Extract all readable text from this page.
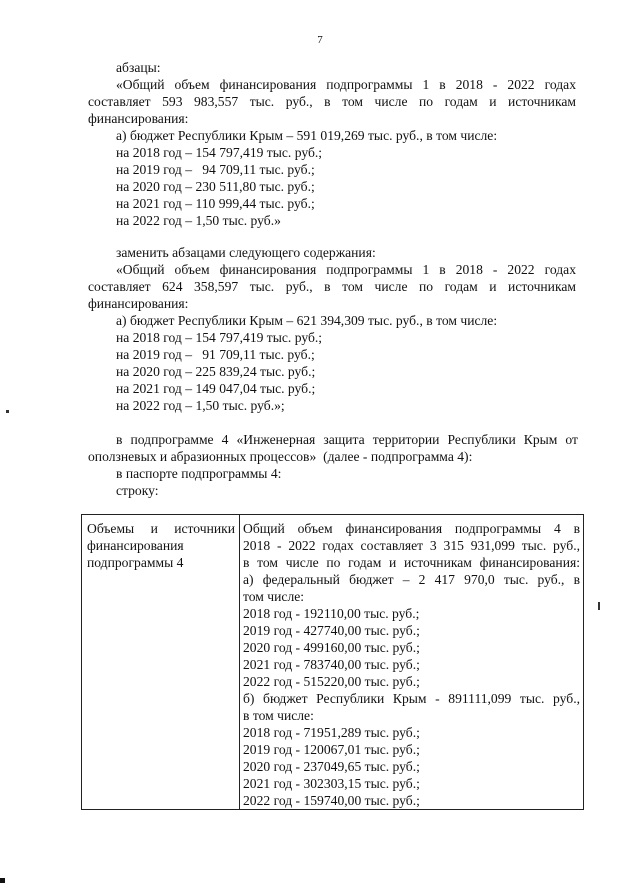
7
абзацы:
«Общий объем финансирования подпрограммы 1 в 2018 - 2022 годах
составляет 593 983,557 тыс. руб., в том числе по годам и источникам
финансирования:
а) бюджет Республики Крым – 591 019,269 тыс. руб., в том числе:
на 2018 год – 154 797,419 тыс. руб.;
на 2019 год –   94 709,11 тыс. руб.;
на 2020 год – 230 511,80 тыс. руб.;
на 2021 год – 110 999,44 тыс. руб.;
на 2022 год – 1,50 тыс. руб.»
заменить абзацами следующего содержания:
«Общий объем финансирования подпрограммы 1 в 2018 - 2022 годах
составляет 624 358,597 тыс. руб., в том числе по годам и источникам
финансирования:
а) бюджет Республики Крым – 621 394,309 тыс. руб., в том числе:
на 2018 год – 154 797,419 тыс. руб.;
на 2019 год –   91 709,11 тыс. руб.;
на 2020 год – 225 839,24 тыс. руб.;
на 2021 год – 149 047,04 тыс. руб.;
на 2022 год – 1,50 тыс. руб.»;
в подпрограмме 4 «Инженерная защита территории Республики Крым от
оползневых и абразионных процессов»  (далее - подпрограмма 4):
в паспорте подпрограммы 4:
строку:
Объемы и источники
финансирования
подпрограммы 4
Общий объем финансирования подпрограммы 4 в
2018 - 2022 годах составляет 3 315 931,099 тыс. руб.,
в том числе по годам и источникам финансирования:
а) федеральный бюджет – 2 417 970,0 тыс. руб., в
том числе:
2018 год - 192110,00 тыс. руб.;
2019 год - 427740,00 тыс. руб.;
2020 год - 499160,00 тыс. руб.;
2021 год - 783740,00 тыс. руб.;
2022 год - 515220,00 тыс. руб.;
б) бюджет Республики Крым - 891111,099 тыс. руб.,
в том числе:
2018 год - 71951,289 тыс. руб.;
2019 год - 120067,01 тыс. руб.;
2020 год - 237049,65 тыс. руб.;
2021 год - 302303,15 тыс. руб.;
2022 год - 159740,00 тыс. руб.;
